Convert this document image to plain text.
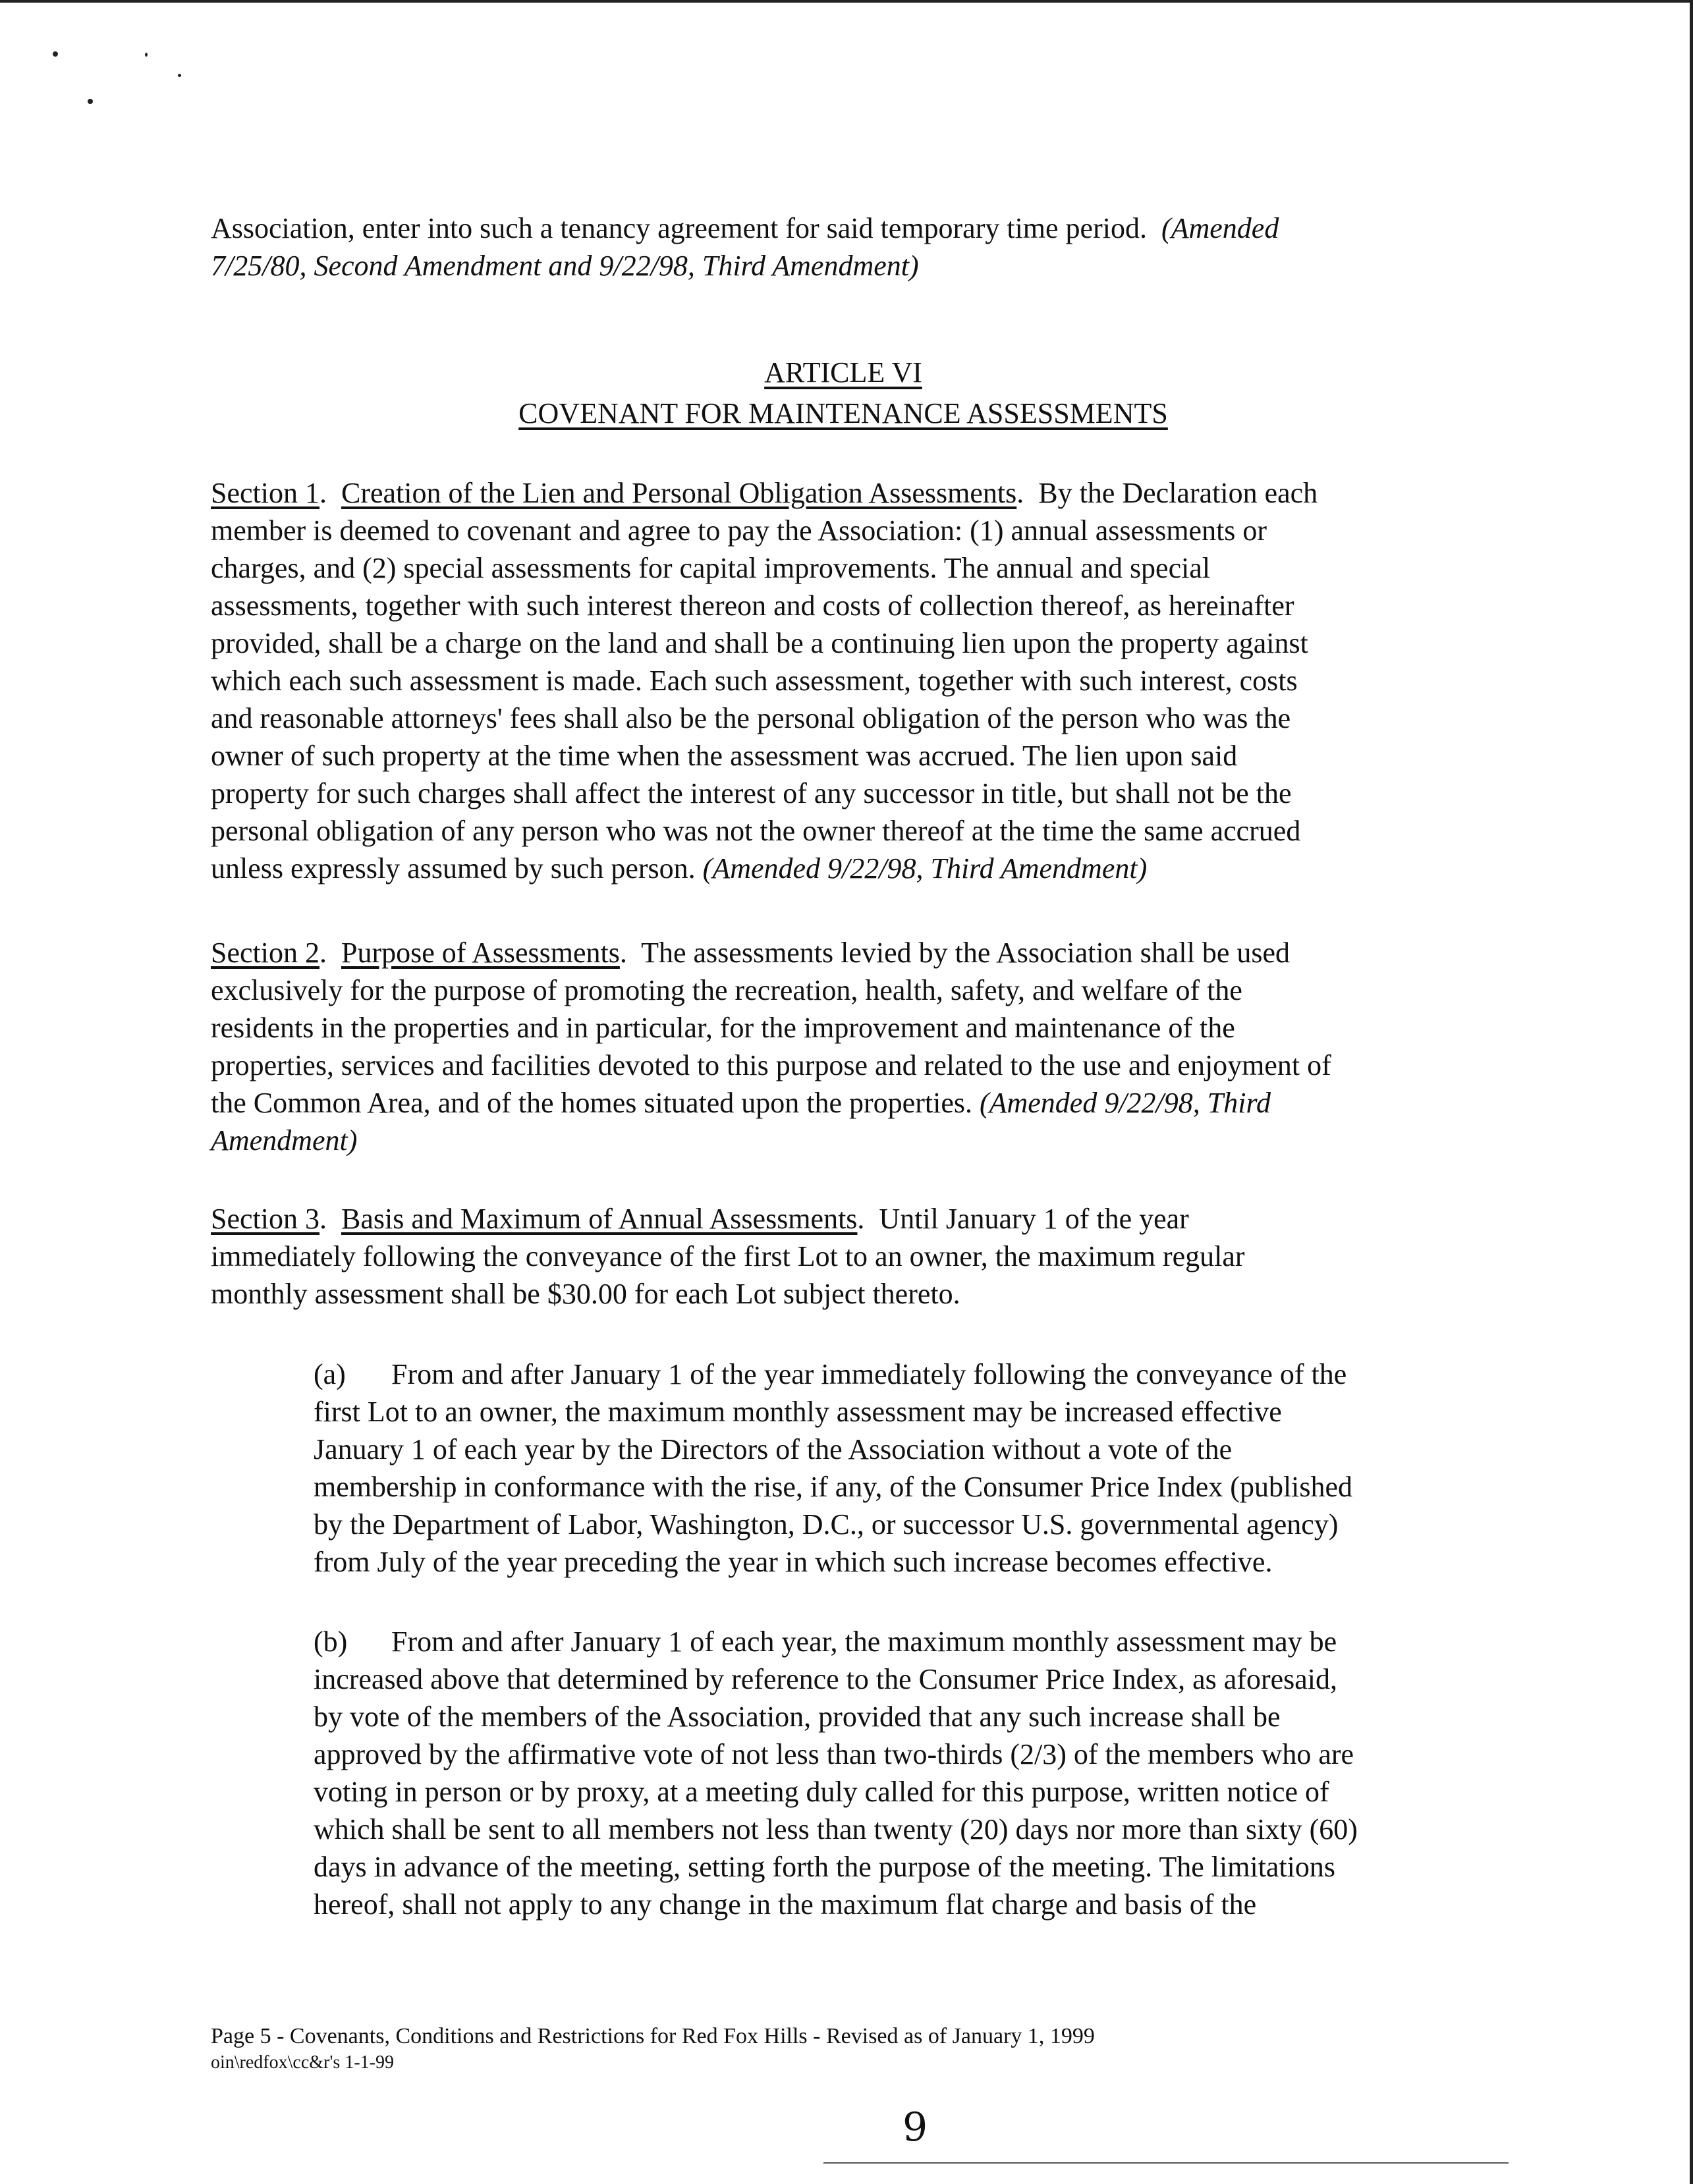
Association, enter into such a tenancy agreement for said temporary time period. (Amended
7/25/80, Second Amendment and 9/22/98, Third Amendment)
ARTICLE VI
COVENANT FOR MAINTENANCE ASSESSMENTS
Section 1.  Creation of the Lien and Personal Obligation Assessments.  By the Declaration each
member is deemed to covenant and agree to pay the Association: (1) annual assessments or
charges, and (2) special assessments for capital improvements. The annual and special
assessments, together with such interest thereon and costs of collection thereof, as hereinafter
provided, shall be a charge on the land and shall be a continuing lien upon the property against
which each such assessment is made. Each such assessment, together with such interest, costs
and reasonable attorneys' fees shall also be the personal obligation of the person who was the
owner of such property at the time when the assessment was accrued. The lien upon said
property for such charges shall affect the interest of any successor in title, but shall not be the
personal obligation of any person who was not the owner thereof at the time the same accrued
unless expressly assumed by such person. (Amended 9/22/98, Third Amendment)
Section 2.  Purpose of Assessments.  The assessments levied by the Association shall be used
exclusively for the purpose of promoting the recreation, health, safety, and welfare of the
residents in the properties and in particular, for the improvement and maintenance of the
properties, services and facilities devoted to this purpose and related to the use and enjoyment of
the Common Area, and of the homes situated upon the properties. (Amended 9/22/98, Third
Amendment)
Section 3.  Basis and Maximum of Annual Assessments.  Until January 1 of the year
immediately following the conveyance of the first Lot to an owner, the maximum regular
monthly assessment shall be $30.00 for each Lot subject thereto.
(a) From and after January 1 of the year immediately following the conveyance of the
first Lot to an owner, the maximum monthly assessment may be increased effective
January 1 of each year by the Directors of the Association without a vote of the
membership in conformance with the rise, if any, of the Consumer Price Index (published
by the Department of Labor, Washington, D.C., or successor U.S. governmental agency)
from July of the year preceding the year in which such increase becomes effective.
(b) From and after January 1 of each year, the maximum monthly assessment may be
increased above that determined by reference to the Consumer Price Index, as aforesaid,
by vote of the members of the Association, provided that any such increase shall be
approved by the affirmative vote of not less than two-thirds (2/3) of the members who are
voting in person or by proxy, at a meeting duly called for this purpose, written notice of
which shall be sent to all members not less than twenty (20) days nor more than sixty (60)
days in advance of the meeting, setting forth the purpose of the meeting. The limitations
hereof, shall not apply to any change in the maximum flat charge and basis of the
Page 5 - Covenants, Conditions and Restrictions for Red Fox Hills - Revised as of January 1, 1999
oin\redfox\cc&r's 1-1-99
9
